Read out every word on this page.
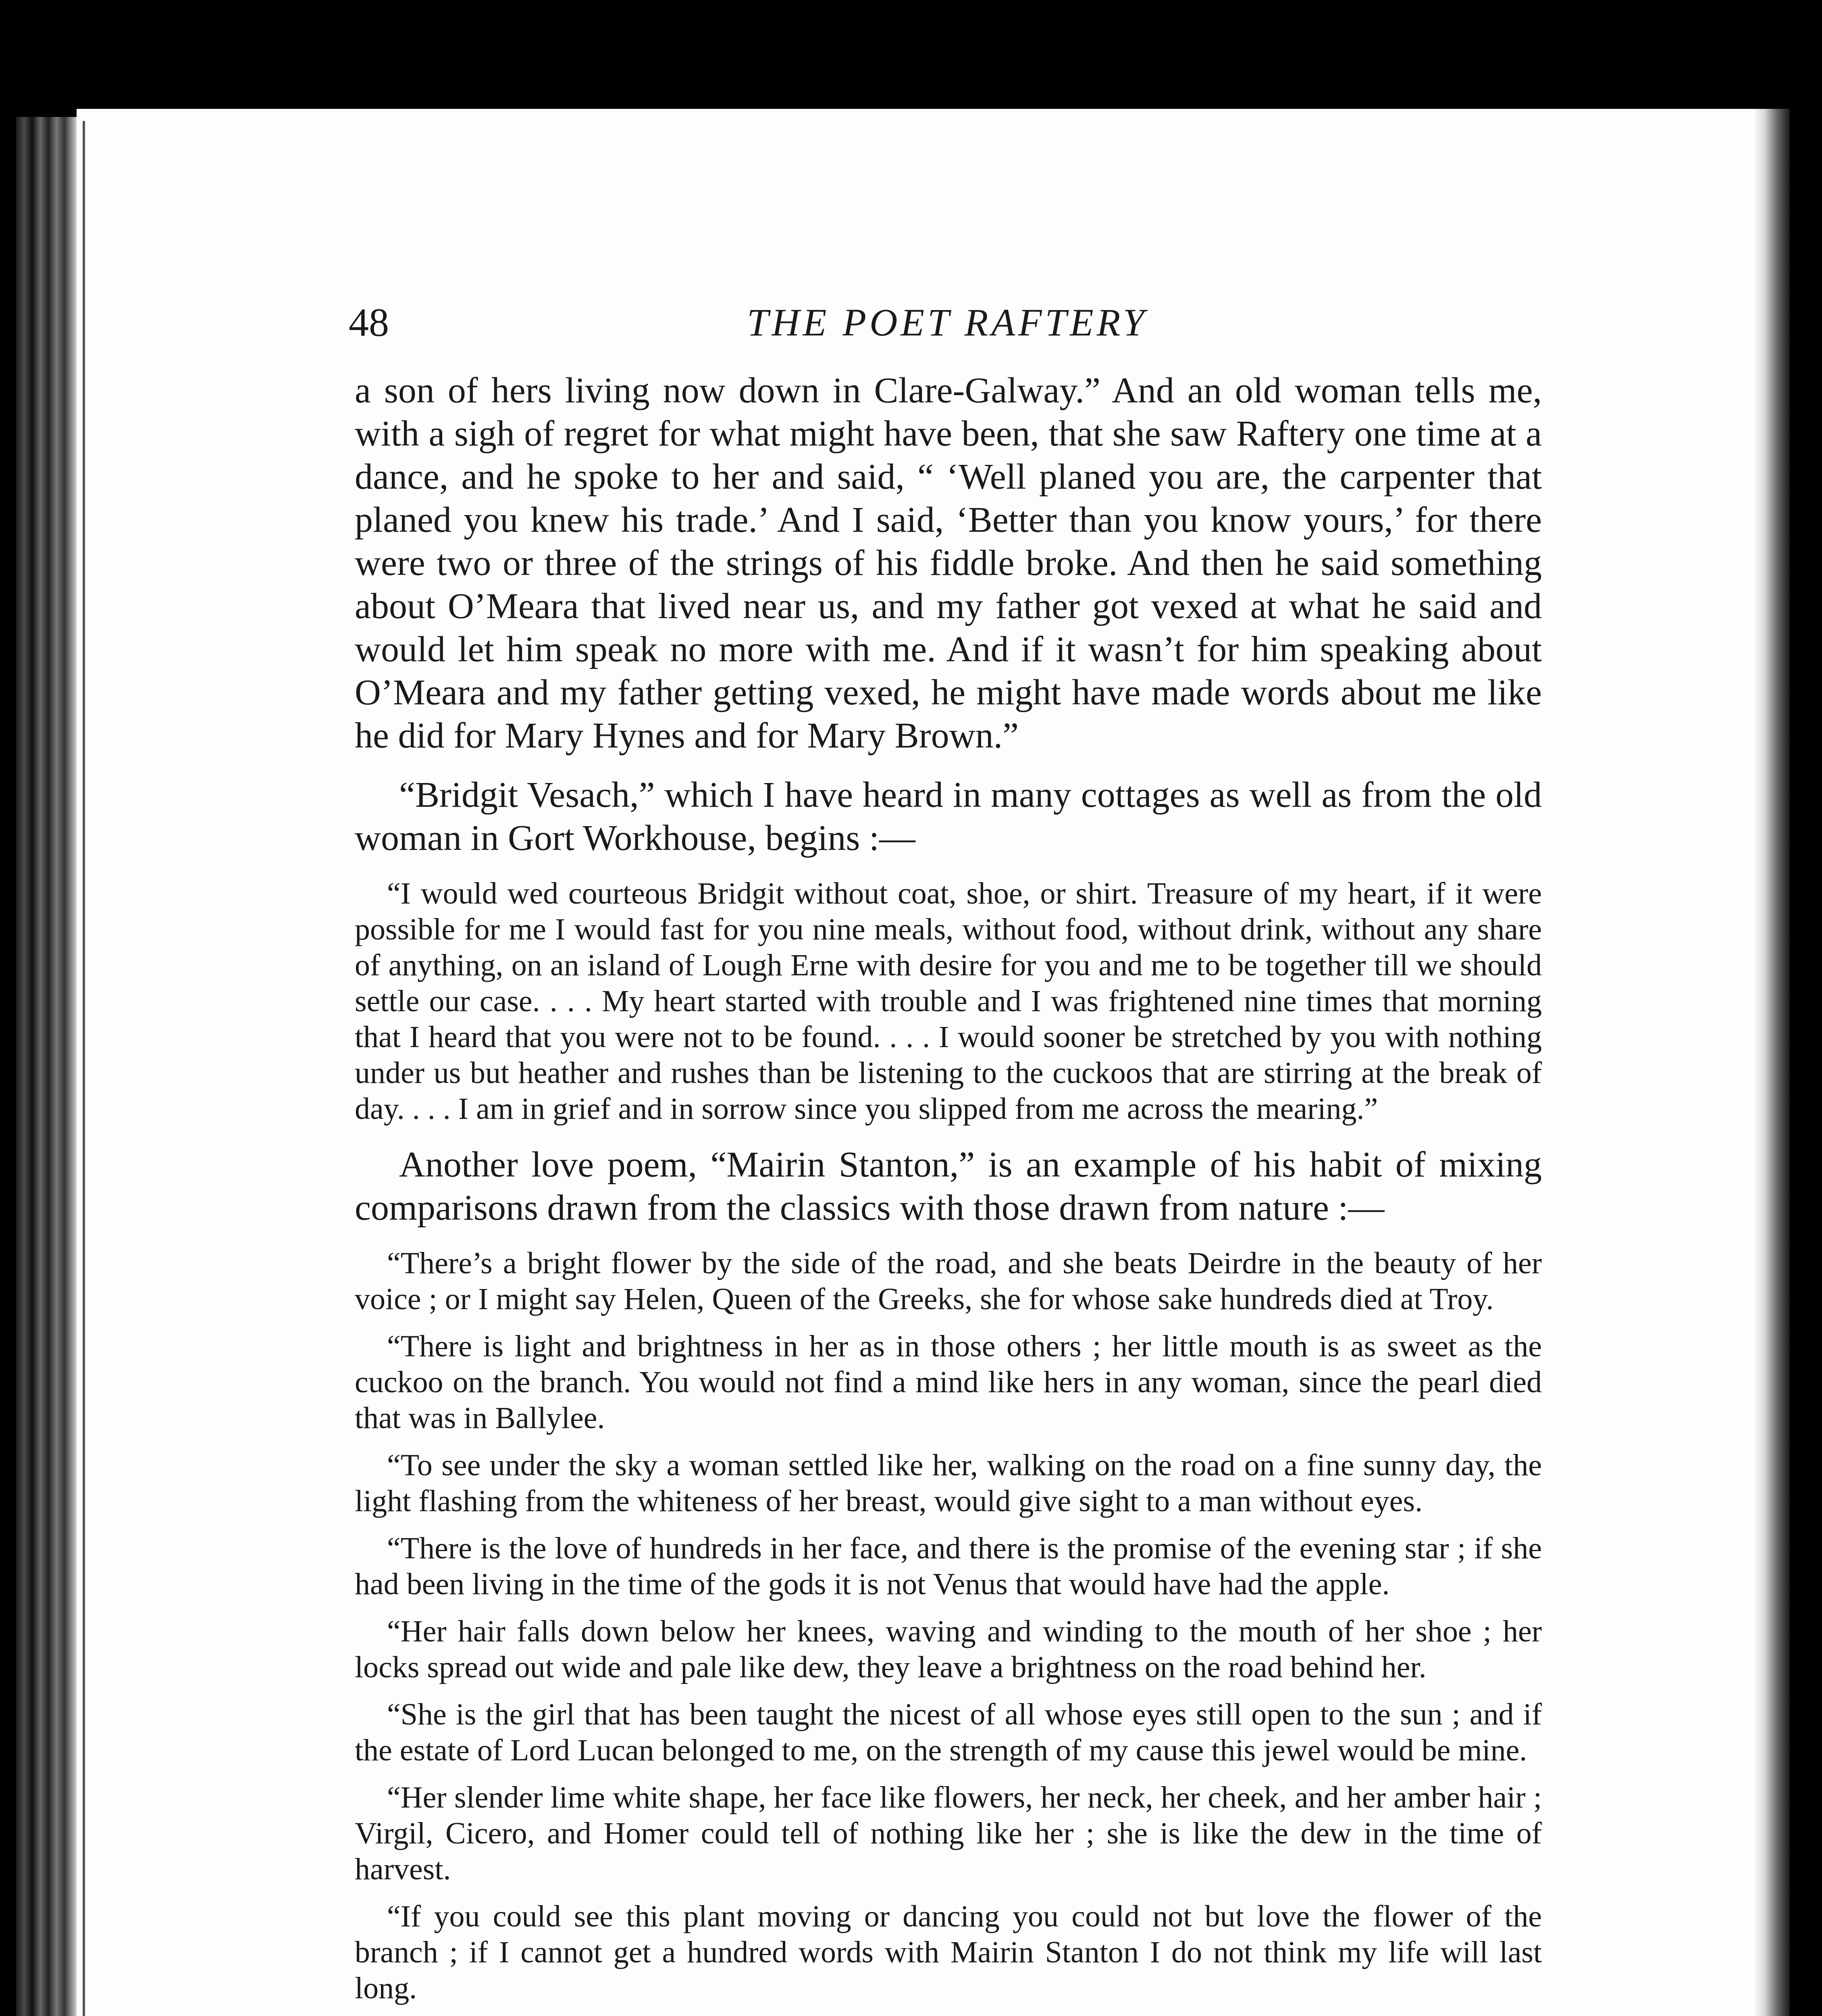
48	THE POET RAFTERY

a son of hers living now down in Clare-Galway.” And an old woman tells me, with a sigh of regret for what might have been, that she saw Raftery one time at a dance, and he spoke to her and said, “ ‘Well planed you are, the carpenter that planed you knew his trade.’ And I said, ‘Better than you know yours,’ for there were two or three of the strings of his fiddle broke. And then he said something about O’Meara that lived near us, and my father got vexed at what he said and would let him speak no more with me. And if it wasn’t for him speaking about O’Meara and my father getting vexed, he might have made words about me like he did for Mary Hynes and for Mary Brown.”

“Bridgit Vesach,” which I have heard in many cottages as well as from the old woman in Gort Workhouse, begins :—

“I would wed courteous Bridgit without coat, shoe, or shirt. Treasure of my heart, if it were possible for me I would fast for you nine meals, without food, without drink, without any share of anything, on an island of Lough Erne with desire for you and me to be together till we should settle our case. . . . My heart started with trouble and I was frightened nine times that morning that I heard that you were not to be found. . . . I would sooner be stretched by you with nothing under us but heather and rushes than be listening to the cuckoos that are stirring at the break of day. . . . I am in grief and in sorrow since you slipped from me across the mearing.”

Another love poem, “Mairin Stanton,” is an example of his habit of mixing comparisons drawn from the classics with those drawn from nature :—

“There’s a bright flower by the side of the road, and she beats Deirdre in the beauty of her voice ; or I might say Helen, Queen of the Greeks, she for whose sake hundreds died at Troy.

“There is light and brightness in her as in those others ; her little mouth is as sweet as the cuckoo on the branch. You would not find a mind like hers in any woman, since the pearl died that was in Ballylee.

“To see under the sky a woman settled like her, walking on the road on a fine sunny day, the light flashing from the whiteness of her breast, would give sight to a man without eyes.

“There is the love of hundreds in her face, and there is the promise of the evening star ; if she had been living in the time of the gods it is not Venus that would have had the apple.

“Her hair falls down below her knees, waving and winding to the mouth of her shoe ; her locks spread out wide and pale like dew, they leave a brightness on the road behind her.

“She is the girl that has been taught the nicest of all whose eyes still open to the sun ; and if the estate of Lord Lucan belonged to me, on the strength of my cause this jewel would be mine.

“Her slender lime white shape, her face like flowers, her neck, her cheek, and her amber hair ; Virgil, Cicero, and Homer could tell of nothing like her ; she is like the dew in the time of harvest.

“If you could see this plant moving or dancing you could not but love the flower of the branch ; if I cannot get a hundred words with Mairin Stanton I do not think my life will last long.
